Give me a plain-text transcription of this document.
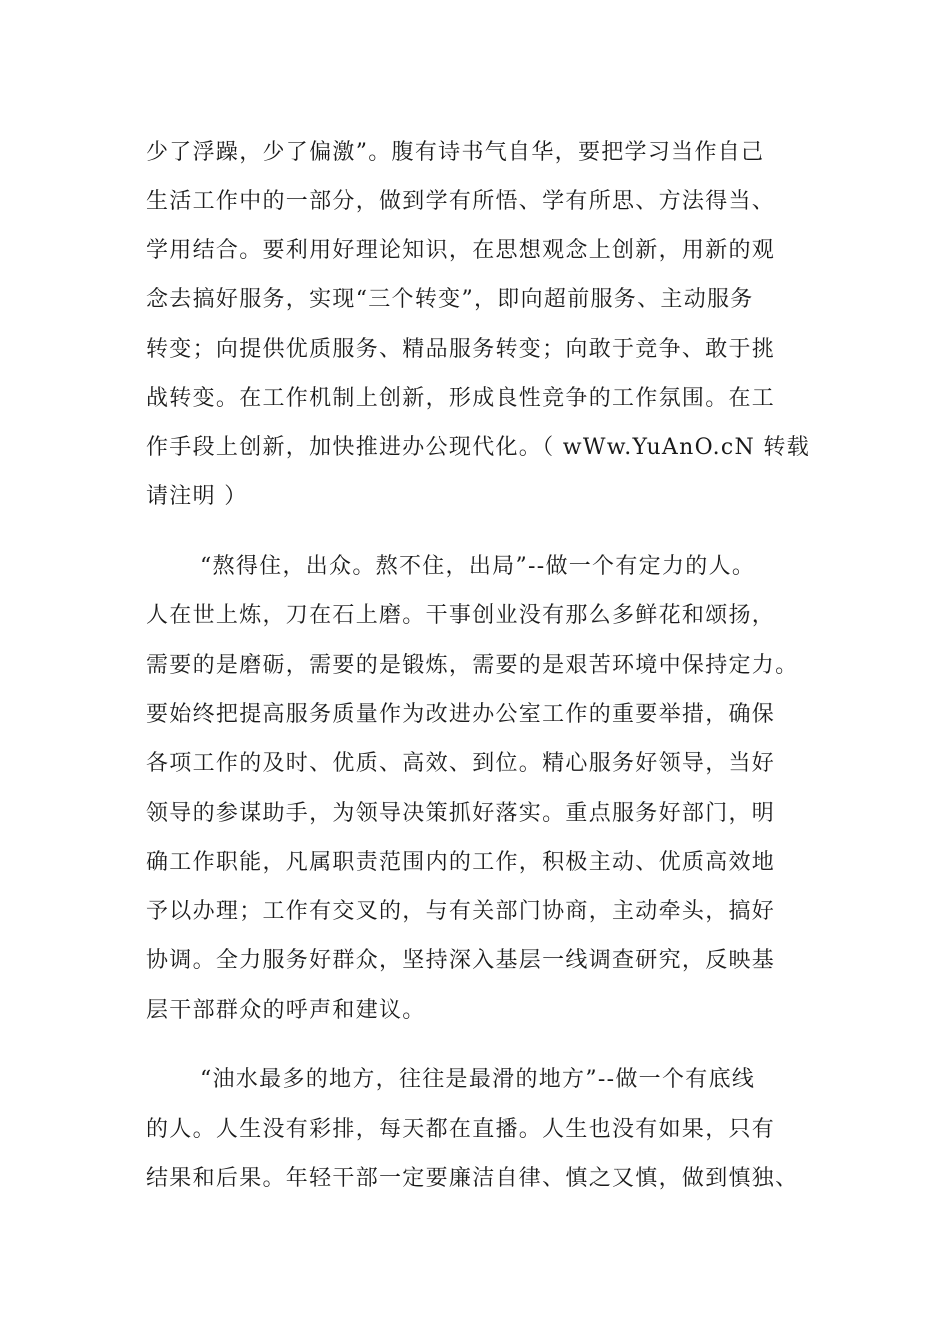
少了浮躁，少了偏激”。腹有诗书气自华，要把学习当作自己
生活工作中的一部分，做到学有所悟、学有所思、方法得当、
学用结合。要利用好理论知识，在思想观念上创新，用新的观
念去搞好服务，实现“三个转变”，即向超前服务、主动服务
转变；向提供优质服务、精品服务转变；向敢于竞争、敢于挑
战转变。在工作机制上创新，形成良性竞争的工作氛围。在工
作手段上创新，加快推进办公现代化。（ wWw.YuAnO.cN 转载
请注明 ）
“熬得住，出众。熬不住，出局”--做一个有定力的人。
人在世上炼，刀在石上磨。干事创业没有那么多鲜花和颂扬，
需要的是磨砺，需要的是锻炼，需要的是艰苦环境中保持定力。
要始终把提高服务质量作为改进办公室工作的重要举措，确保
各项工作的及时、优质、高效、到位。精心服务好领导，当好
领导的参谋助手，为领导决策抓好落实。重点服务好部门，明
确工作职能，凡属职责范围内的工作，积极主动、优质高效地
予以办理；工作有交叉的，与有关部门协商，主动牵头，搞好
协调。全力服务好群众，坚持深入基层一线调查研究，反映基
层干部群众的呼声和建议。
“油水最多的地方，往往是最滑的地方”--做一个有底线
的人。人生没有彩排，每天都在直播。人生也没有如果，只有
结果和后果。年轻干部一定要廉洁自律、慎之又慎，做到慎独、
